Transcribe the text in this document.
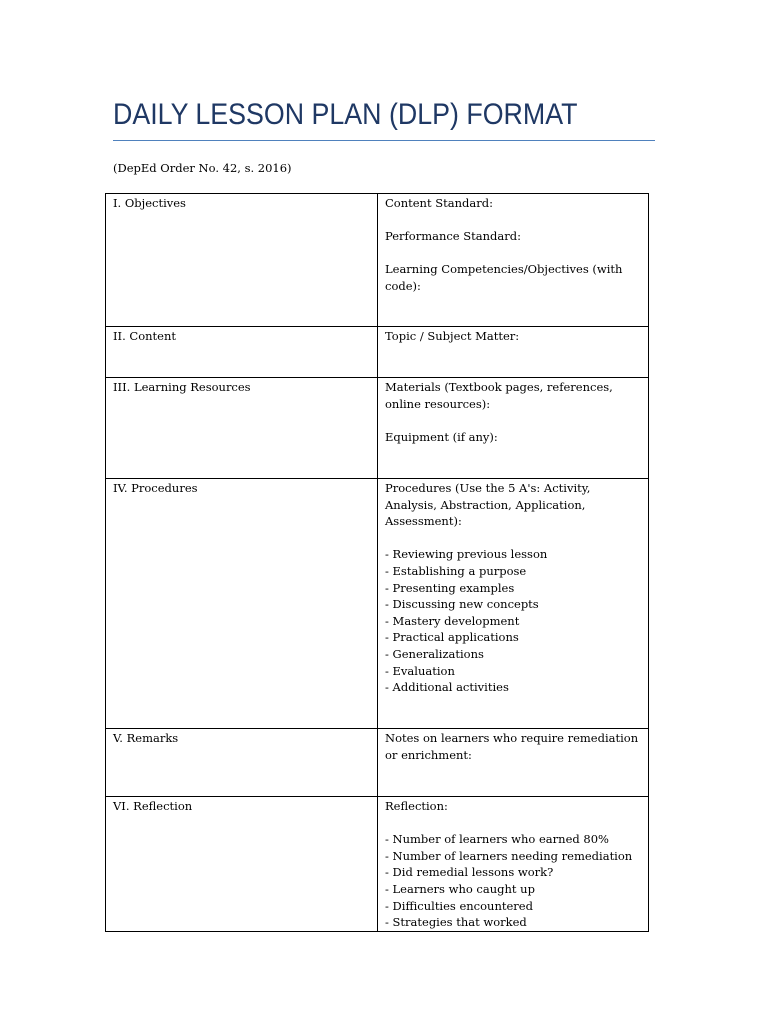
DAILY LESSON PLAN (DLP) FORMAT
(DepEd Order No. 42, s. 2016)
I. Objectives	Content Standard:
Performance Standard:
Learning Competencies/Objectives (with code):
II. Content	Topic / Subject Matter:
III. Learning Resources	Materials (Textbook pages, references, online resources):
Equipment (if any):
IV. Procedures	Procedures (Use the 5 A's: Activity, Analysis, Abstraction, Application, Assessment):
- Reviewing previous lesson
- Establishing a purpose
- Presenting examples
- Discussing new concepts
- Mastery development
- Practical applications
- Generalizations
- Evaluation
- Additional activities
V. Remarks	Notes on learners who require remediation or enrichment:
VI. Reflection	Reflection:
- Number of learners who earned 80%
- Number of learners needing remediation
- Did remedial lessons work?
- Learners who caught up
- Difficulties encountered
- Strategies that worked
